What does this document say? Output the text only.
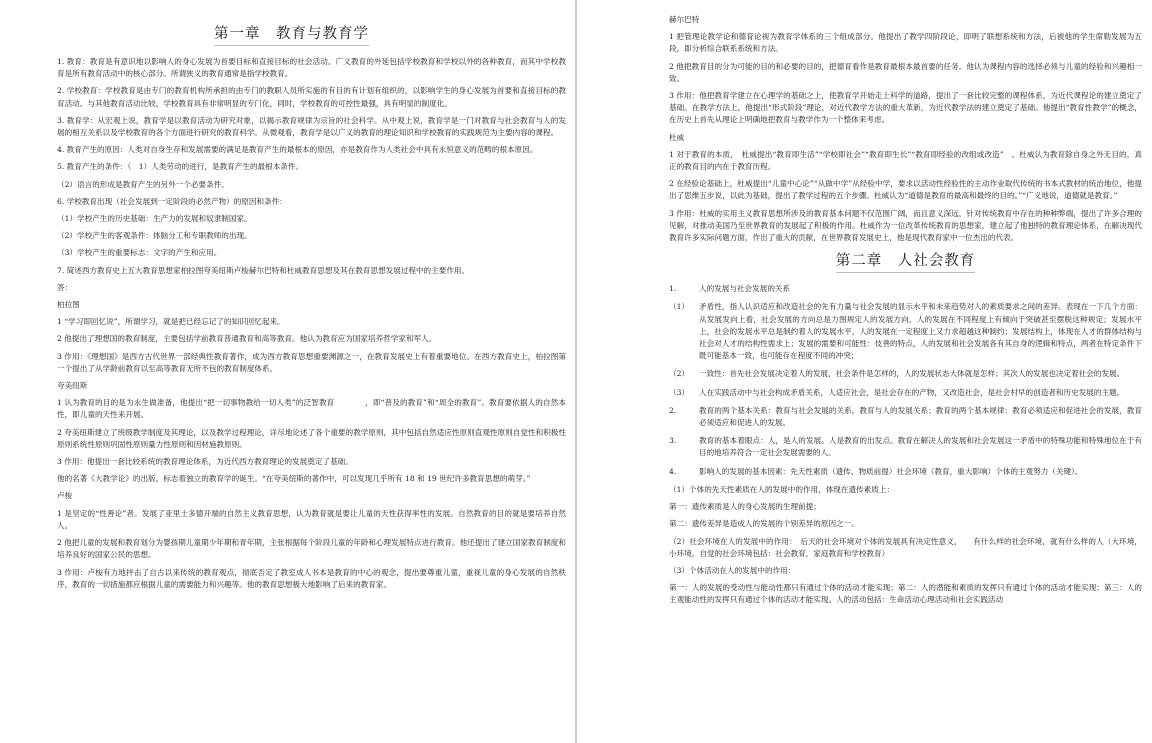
第一章　教育与教育学
1. 教育：教育是有意识地以影响人的身心发展为首要目标和直接目标的社会活动。广义教育的外延包括学校教育和学校以外的各种教育，而其中学校教育是所有教育活动中的核心部分。所谓狭义的教育通常是指学校教育。
2. 学校教育：学校教育是由专门的教育机构所承担的由专门的教职人员所实施的有目的有计划有组织的，以影响学生的身心发展为首要和直接目标的教育活动。与其他教育活动比较，学校教育具有非常明显的专门化，同时，学校教育的可控性最强，具有明显的制度化。
3. 教育学：从宏观上说，教育学是以教育活动为研究对象，以揭示教育规律为宗旨的社会科学。从中观上说，教育学是一门对教育与社会教育与人的发展的相互关系以及学校教育的各个方面进行研究的教育科学。从微观看，教育学是以广义的教育的理论知识和学校教育的实践规范为主要内容的课程。
4. 教育产生的原因：人类对自身生存和发展需要的满足是教育产生的最根本的原因，亦是教育作为人类社会中具有永恒意义的范畴的根本原因。
5. 教育产生的条件：（　1）人类劳动的进行，是教育产生的最根本条件。
（2）语言的形成是教育产生的另外一个必要条件。
6. 学校教育出现（社会发展到一定阶段的必然产物）的原因和条件：
（1）学校产生的历史基础：生产力的发展和奴隶制国家。
（2）学校产生的客观条件：体脑分工和专职教师的出现。
（3）学校产生的重要标志：文字的产生和应用。
7. 简述西方教育史上五大教育思想家柏拉图夸美纽斯卢梭赫尔巴特和杜威教育思想及其在教育思想发展过程中的主要作用。
答：
柏拉图
1 “学习即回忆说”，所谓学习，就是把已经忘记了的知识回忆起来。
2 他提出了理想国的教育制度，主要包括学前教育普通教育和高等教育。他认为教育应为国家培养哲学家和军人。
3 作用：《理想国》是西方古代世界一部经典性教育著作，成为西方教育思想重要渊源之一，在教育发展史上有着重要地位。在西方教育史上，柏拉图第一个提出了从学龄前教育以至高等教育无所不包的教育制度体系。
夸美纽斯
1 认为教育的目的是为永生做准备，他提出“把一切事物教给一切人类”的泛智教育　　　　，即“普及的教育”和“周全的教育”。教育要依据人的自然本性，即儿童的天性来开展。
2 夸美纽斯建立了班级教学制度及其理论，以及教学过程理论，详尽地论述了各个重要的教学原则，其中包括自然适应性原则直观性原则自觉性和积极性原则系统性原则巩固性原则量力性原则和因材施教原则。
3 作用：他提出一套比较系统的教育理论体系，为近代西方教育理论的发展奠定了基础。
他的名著《大教学论》的出版，标志着独立的教育学的诞生。“在夸美纽斯的著作中，可以发现几乎所有 18 和 19 世纪许多教育思想的萌芽。”
卢梭
1 是坚定的“性善论”者。发展了亚里士多德开端的自然主义教育思想，认为教育就是要让儿童的天性获得率性的发展。自然教育的目的就是要培养自然人。
2 他把儿童的发展和教育划分为婴孩期儿童期少年期和青年期，主张根据每个阶段儿童的年龄和心理发展特点进行教育。他还提出了建立国家教育制度和培养良好的国家公民的思想。
3 作用：卢梭有力地抨击了自古以来传统的教育观点，彻底否定了教室成人书本是教育的中心的观念，提出要尊重儿童，重视儿童的身心发展的自然秩序，教育的一切措施都应根据儿童的需要能力和兴趣等。他的教育思想极大地影响了后来的教育家。
赫尔巴特
1 把管理论教学论和德育论视为教育学体系的三个组成部分。他提出了教学四阶段论，即明了联想系统和方法，后被他的学生席勒发展为五段，即分析综合联系系统和方法。
2 他把教育目的分为可能的目的和必要的目的，把德育看作是教育最根本最首要的任务。他认为课程内容的选择必须与儿童的经验和兴趣相一致。
3 作用：他把教育学建立在心理学的基础之上，使教育学开始走上科学的道路，提出了一套比较完整的课程体系，为近代课程论的建立奠定了基础。在教学方法上，他提出“形式阶段”理论，对近代教学方法的重大革新，为近代教学法的建立奠定了基础。他提出“教育性教学”的概念，在历史上首先从理论上明确地把教育与教学作为一个整体来考虑。
杜威
1 对于教育的本质，　杜威提出“教育即生活”“学校即社会”“教育即生长”“教育即经验的改组或改造”　。杜威认为教育除自身之外无目的，真正的教育目的内在于教育历程。
2 在经验论基础上，杜威提出“儿童中心论”“从做中学”从经验中学，要求以活动性经验性的主动作业取代传统的书本式教材的统治地位，他提出了思维五步说，以此为基础，提出了教学过程的五个步骤。杜威认为“道德是教育的最高和最终的目的。”“广义地说，道德就是教育。”
3 作用：杜威的实用主义教育思想所涉及的教育基本问题不仅范围广阔，而且意义深远，针对传统教育中存在的种种弊端，提出了许多合理的见解，对推动美国乃至世界教育的发展起了积极的作用。杜威作为一位改革传统教育的思想家，建立起了他独特的教育理论体系，在解决现代教育许多实际问题方面，作出了重大的贡献，在世界教育发展史上，他是现代教育家中一位杰出的代表。
第二章　人社会教育
1.	人的发展与社会发展的关系
（1）	矛盾性，指人认识适应和改造社会的先有力量与社会发展的显示水平和未来趋势对人的素质要求之间的差异。表现在一下几个方面：从发展发向上看，社会发展的方向总是力图规定人的发展方向，人的发展在不同程度上有倾向于突破甚至摆脱这种规定；发展水平上，社会的发展水平总是制约着人的发展水平，人的发展在一定程度上又力求超越这种制约；发展结构上，体现在人才的群体结构与社会对人才的结构性需求上；发展的需要和可能性：伎善的特点，人的发展和社会发展各有其自身的逻辑和特点，两者在特定条件下既可能基本一致，也可能存在程度不同的冲突；
（2）	一致性：首先社会发展决定着人的发展，社会条件是怎样的，人的发展状态大体就是怎样；其次人的发展也决定着社会的发展。
（3）	人在实践活动中与社会构成矛盾关系，人适应社会，是社会存在的产物，又改造社会，是社会村早的创造者和历史发展的主题。
2.	教育的两个基本关系：教育与社会发展的关系，教育与人的发展关系；教育的两个基本规律：教育必须适应和促进社会的发展，教育必须适应和促进人的发展。
3.	教育的基本着眼点：人，是人的发展。人是教育的出发点。教育在解决人的发展和社会发展这一矛盾中的特殊功能和特殊地位在于有目的地培养符合一定社会发展需要的人。
4.	影响人的发展的基本因素：先天性素质（遗传、物质前提）社会环境（教育，重大影响）个体的主观努力（关键）。
（1）个体的先天性素质在人的发展中的作用，体现在遗传素质上：
第一：遗传素质是人的身心发展的生理前提；
第二：遗传差异是造成人的发展的个别差异的原因之一。
（2）社会环境在人的发展中的作用：　后天的社会环境对个体的发展具有决定性意义，　　有什么样的社会环境，就有什么样的人（大环境，小环境。自觉的社会环境包括：社会教育，家庭教育和学校教育）
（3）个体活动在人的发展中的作用：
第一：人的发展的受动性与能动性都只有通过个体的活动才能实现；第二：人的潜能和素质的发挥只有通过个体的活动才能实现；第三：人的主观能动性的发挥只有通过个体的活动才能实现。人的活动包括：生命活动心理活动和社会实践活动
